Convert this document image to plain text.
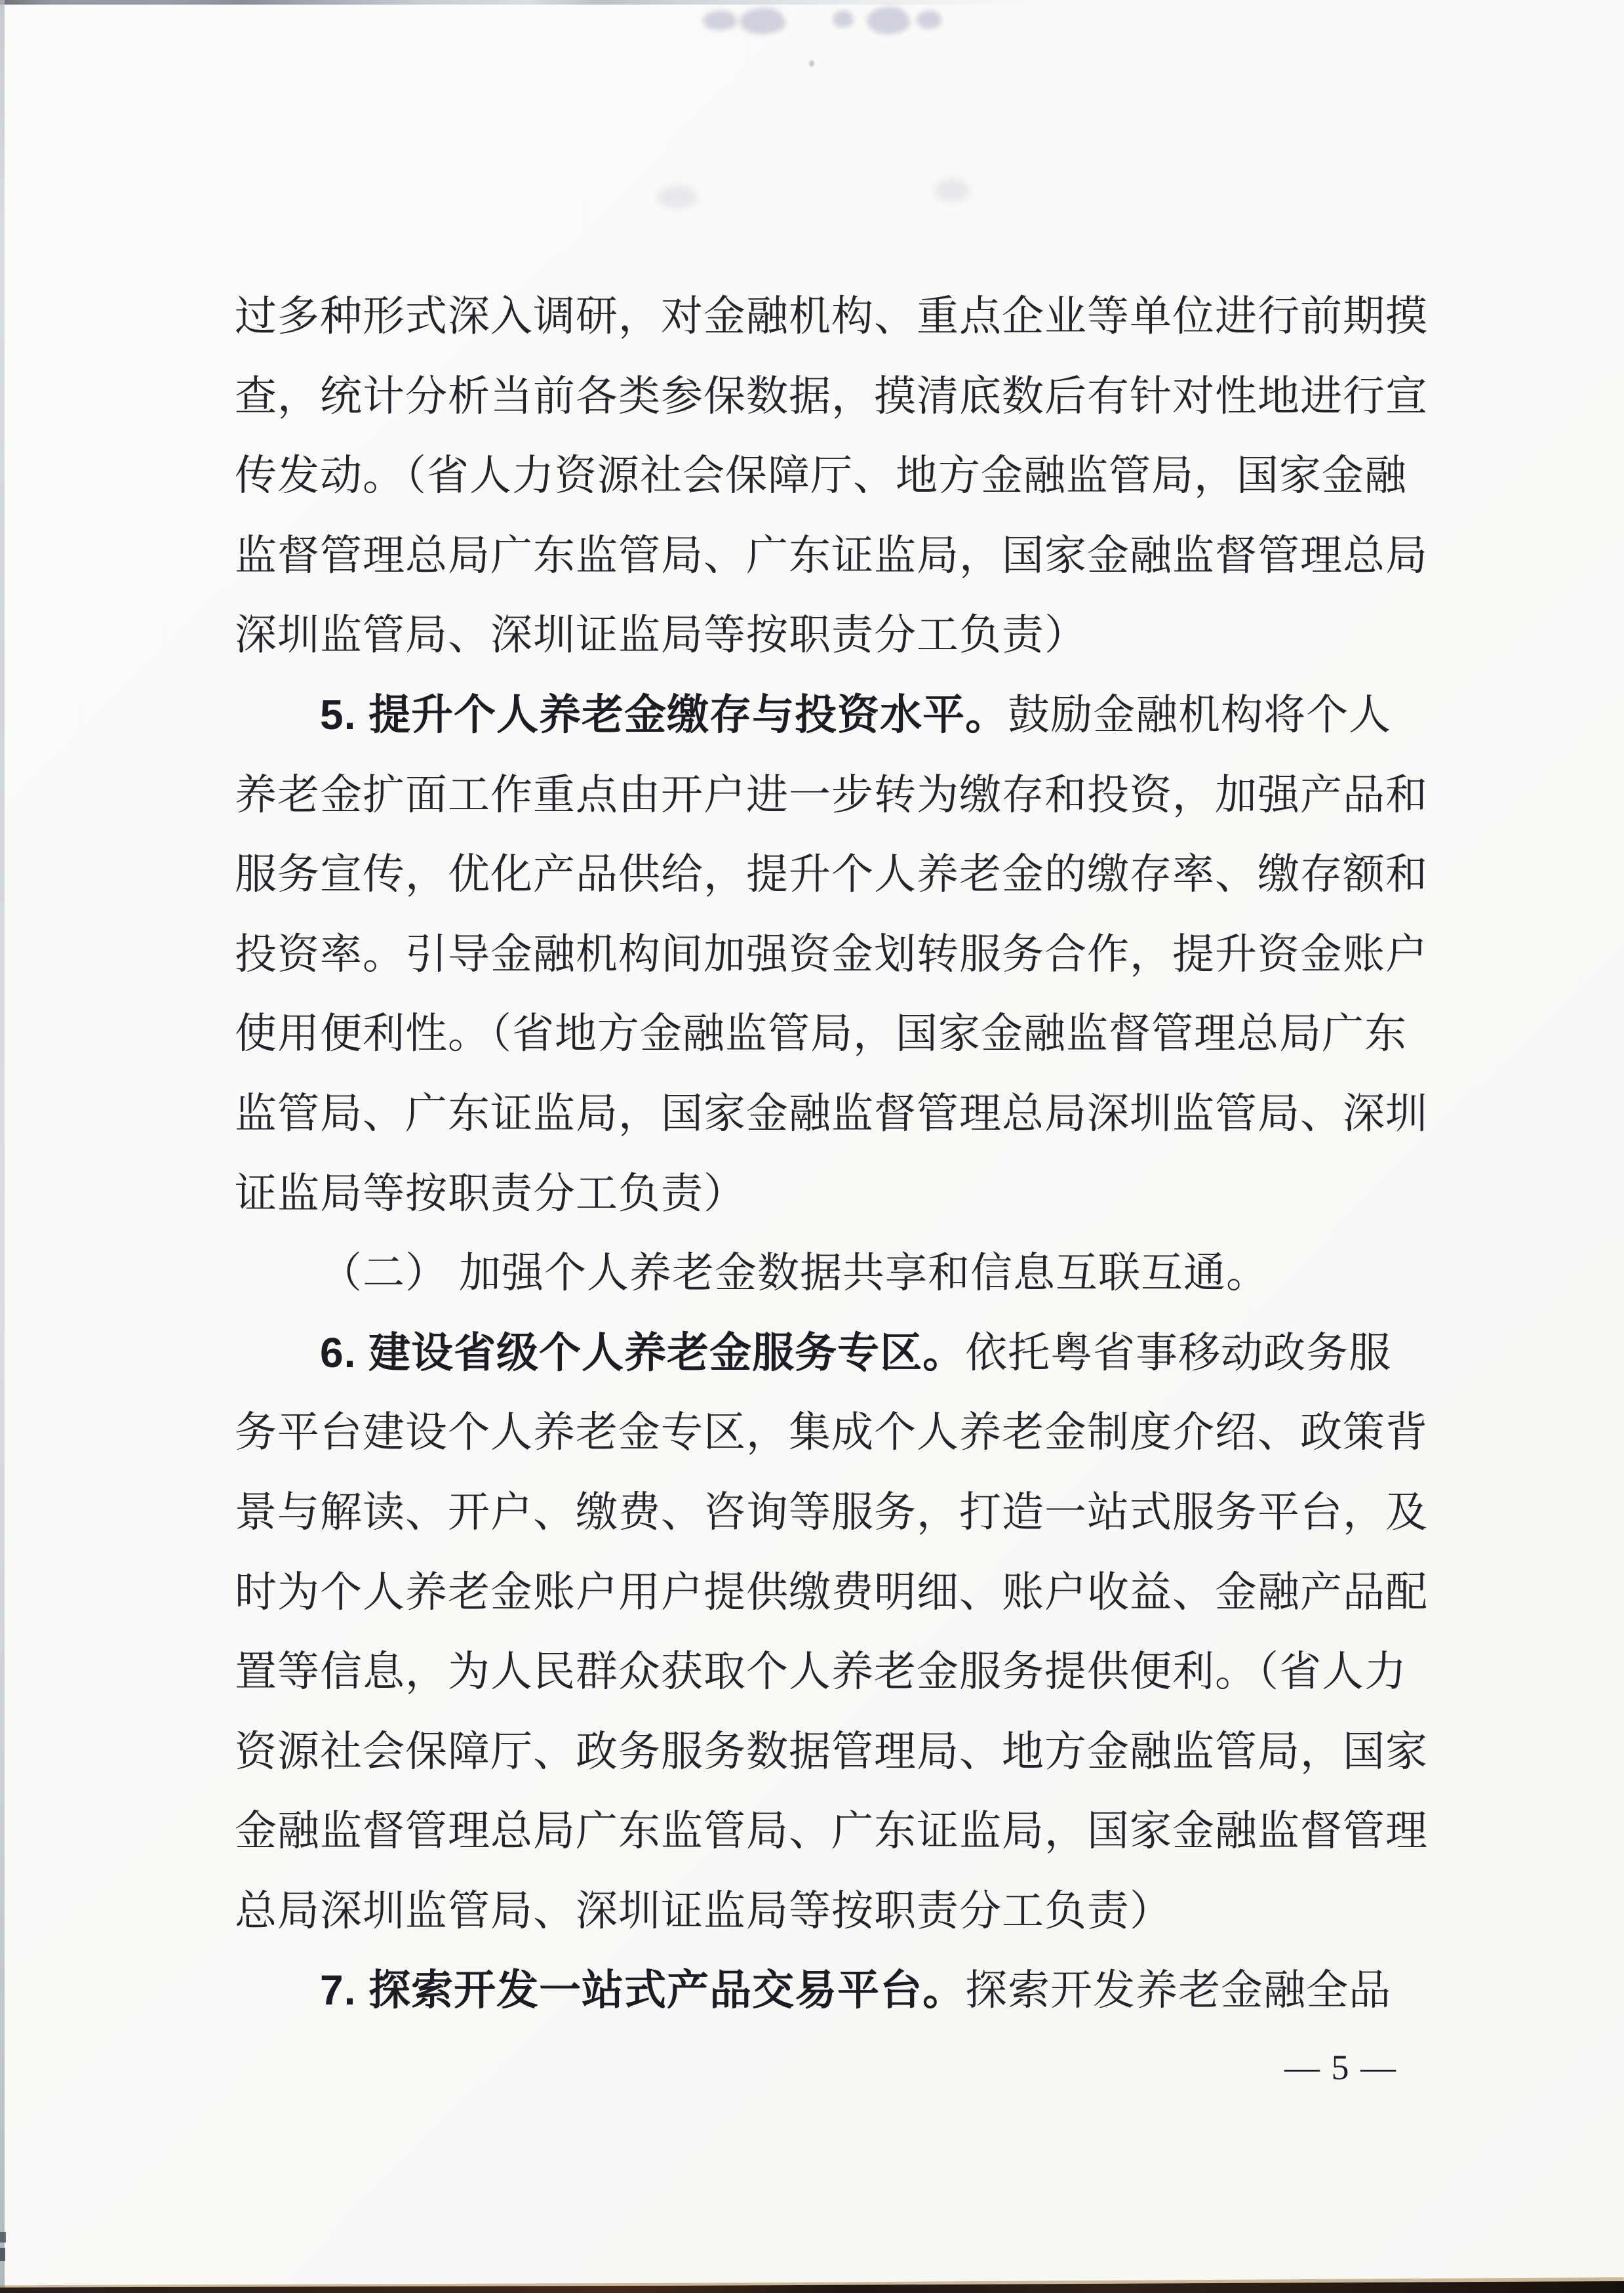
过多种形式深入调研，对金融机构、重点企业等单位进行前期摸

查，统计分析当前各类参保数据，摸清底数后有针对性地进行宣

传发动。（省人力资源社会保障厅、地方金融监管局，国家金融

监督管理总局广东监管局、广东证监局，国家金融监督管理总局

深圳监管局、深圳证监局等按职责分工负责）

5. 提升个人养老金缴存与投资水平。鼓励金融机构将个人

养老金扩面工作重点由开户进一步转为缴存和投资，加强产品和

服务宣传，优化产品供给，提升个人养老金的缴存率、缴存额和

投资率。引导金融机构间加强资金划转服务合作，提升资金账户

使用便利性。（省地方金融监管局，国家金融监督管理总局广东

监管局、广东证监局，国家金融监督管理总局深圳监管局、深圳

证监局等按职责分工负责）

（二） 加强个人养老金数据共享和信息互联互通。

6. 建设省级个人养老金服务专区。依托粤省事移动政务服

务平台建设个人养老金专区，集成个人养老金制度介绍、政策背

景与解读、开户、缴费、咨询等服务，打造一站式服务平台，及

时为个人养老金账户用户提供缴费明细、账户收益、金融产品配

置等信息，为人民群众获取个人养老金服务提供便利。（省人力

资源社会保障厅、政务服务数据管理局、地方金融监管局，国家

金融监督管理总局广东监管局、广东证监局，国家金融监督管理

总局深圳监管局、深圳证监局等按职责分工负责）

7. 探索开发一站式产品交易平台。探索开发养老金融全品

— 5 —
